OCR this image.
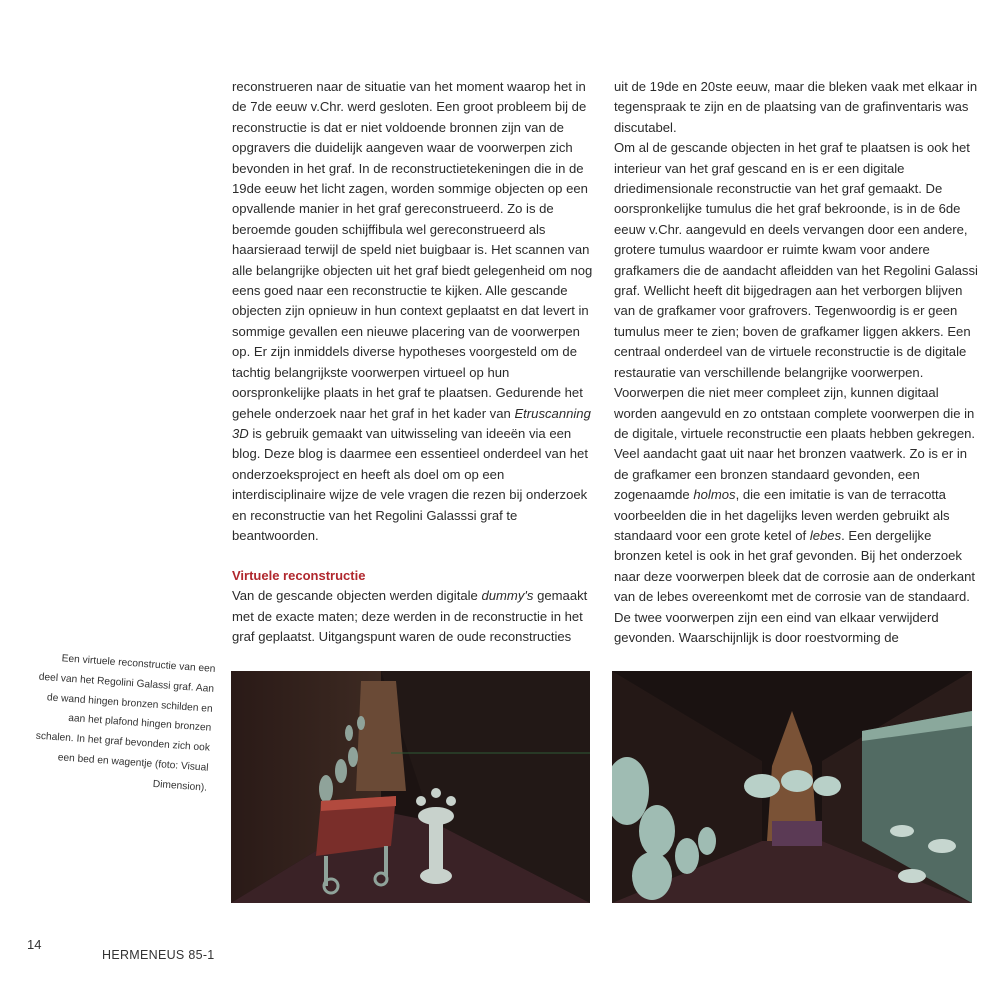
reconstrueren naar de situatie van het moment waarop het in de 7de eeuw v.Chr. werd gesloten. Een groot probleem bij de reconstructie is dat er niet voldoende bronnen zijn van de opgravers die duidelijk aangeven waar de voorwerpen zich bevonden in het graf. In de reconstructietekeningen die in de 19de eeuw het licht zagen, worden sommige objecten op een opvallende manier in het graf gereconstrueerd. Zo is de beroemde gouden schijffibula wel gereconstrueerd als haarsieraad terwijl de speld niet buigbaar is. Het scannen van alle belangrijke objecten uit het graf biedt gelegenheid om nog eens goed naar een reconstructie te kijken. Alle gescande objecten zijn opnieuw in hun context geplaatst en dat levert in sommige gevallen een nieuwe placering van de voorwerpen op. Er zijn inmiddels diverse hypotheses voorgesteld om de tachtig belangrijkste voorwerpen virtueel op hun oorspronkelijke plaats in het graf te plaatsen. Gedurende het gehele onderzoek naar het graf in het kader van Etruscanning 3D is gebruik gemaakt van uitwisseling van ideeën via een blog. Deze blog is daarmee een essentieel onderdeel van het onderzoeksproject en heeft als doel om op een interdisciplinaire wijze de vele vragen die rezen bij onderzoek en reconstructie van het Regolini Galasssi graf te beantwoorden.

Virtuele reconstructie

Van de gescande objecten werden digitale dummy's gemaakt met de exacte maten; deze werden in de reconstructie in het graf geplaatst. Uitgangspunt waren de oude reconstructies

uit de 19de en 20ste eeuw, maar die bleken vaak met elkaar in tegenspraak te zijn en de plaatsing van de grafinventaris was discutabel.

Om al de gescande objecten in het graf te plaatsen is ook het interieur van het graf gescand en is er een digitale driedimensionale reconstructie van het graf gemaakt. De oorspronkelijke tumulus die het graf bekroonde, is in de 6de eeuw v.Chr. aangevuld en deels vervangen door een andere, grotere tumulus waardoor er ruimte kwam voor andere grafkamers die de aandacht afleidden van het Regolini Galassi graf. Wellicht heeft dit bijgedragen aan het verborgen blijven van de grafkamer voor grafrovers. Tegenwoordig is er geen tumulus meer te zien; boven de grafkamer liggen akkers. Een centraal onderdeel van de virtuele reconstructie is de digitale restauratie van verschillende belangrijke voorwerpen. Voorwerpen die niet meer compleet zijn, kunnen digitaal worden aangevuld en zo ontstaan complete voorwerpen die in de digitale, virtuele reconstructie een plaats hebben gekregen. Veel aandacht gaat uit naar het bronzen vaatwerk. Zo is er in de grafkamer een bronzen standaard gevonden, een zogenaamde holmos, die een imitatie is van de terracotta voorbeelden die in het dagelijks leven werden gebruikt als standaard voor een grote ketel of lebes. Een dergelijke bronzen ketel is ook in het graf gevonden. Bij het onderzoek naar deze voorwerpen bleek dat de corrosie aan de onderkant van de lebes overeenkomt met de corrosie van de standaard. De twee voorwerpen zijn een eind van elkaar verwijderd gevonden. Waarschijnlijk is door roestvorming de

Een virtuele reconstructie van een deel van het Regolini Galassi graf. Aan de wand hingen bronzen schilden en aan het plafond hingen bronzen schalen. In het graf bevonden zich ook een bed en wagentje (foto: Visual Dimension).
14
HERMENEUS 85-1
